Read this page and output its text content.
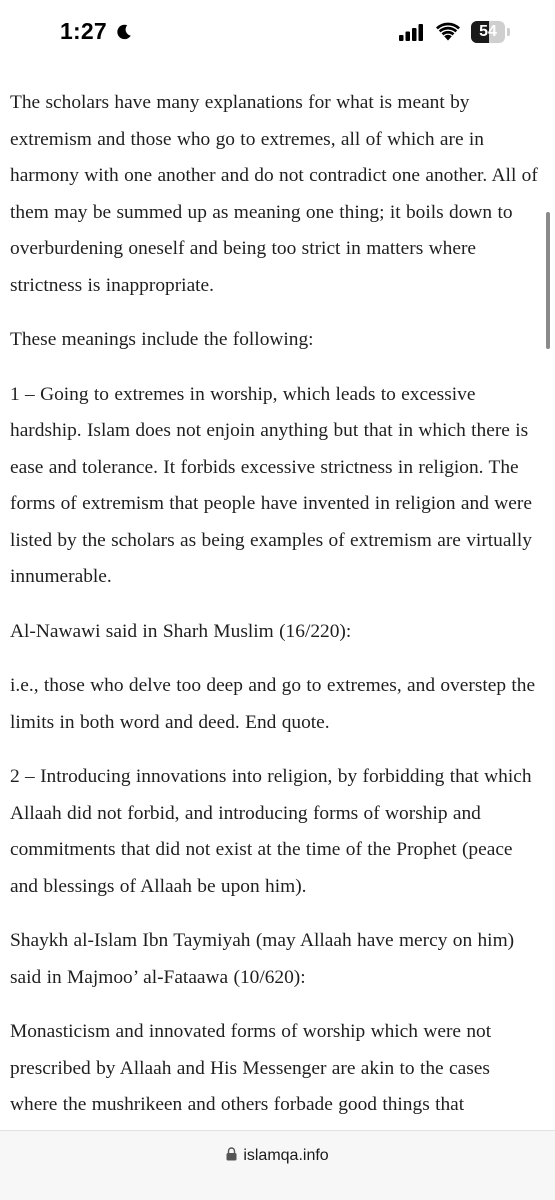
1:27	54

The scholars have many explanations for what is meant by extremism and those who go to extremes, all of which are in harmony with one another and do not contradict one another. All of them may be summed up as meaning one thing; it boils down to overburdening oneself and being too strict in matters where strictness is inappropriate.

These meanings include the following:

1 – Going to extremes in worship, which leads to excessive hardship. Islam does not enjoin anything but that in which there is ease and tolerance. It forbids excessive strictness in religion. The forms of extremism that people have invented in religion and were listed by the scholars as being examples of extremism are virtually innumerable.

Al-Nawawi said in Sharh Muslim (16/220):

i.e., those who delve too deep and go to extremes, and overstep the limits in both word and deed. End quote.

2 – Introducing innovations into religion, by forbidding that which Allaah did not forbid, and introducing forms of worship and commitments that did not exist at the time of the Prophet (peace and blessings of Allaah be upon him).

Shaykh al-Islam Ibn Taymiyah (may Allaah have mercy on him) said in Majmoo’ al-Fataawa (10/620):

Monasticism and innovated forms of worship which were not prescribed by Allaah and His Messenger are akin to the cases where the mushrikeen and others forbade good things that

islamqa.info
